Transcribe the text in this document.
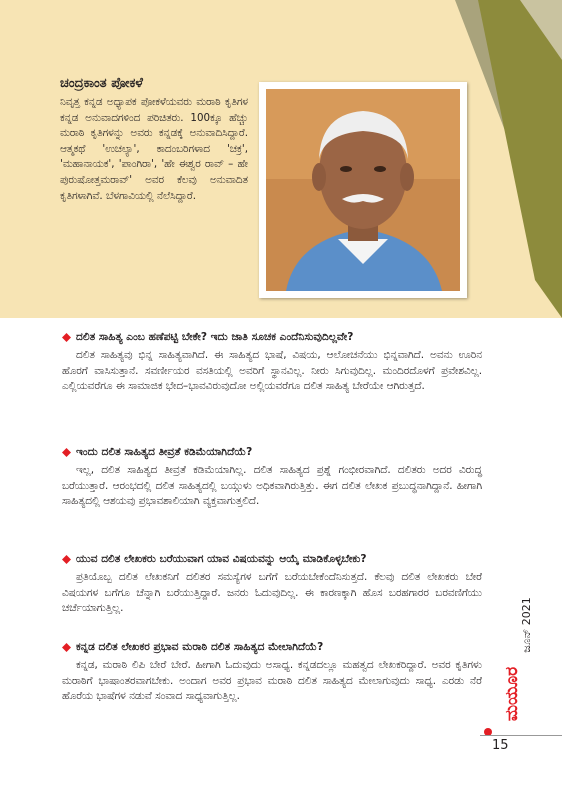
ಚಂದ್ರಕಾಂತ ಪೋಕಳೆ

ನಿವೃತ್ತ ಕನ್ನಡ ಅಧ್ಯಾಪಕ ಪೋಕಳೆಯವರು ಮರಾಠಿ ಕೃತಿಗಳ ಕನ್ನಡ ಅನುವಾದಗಳಿಂದ ಪರಿಚಿತರು. 100ಕ್ಕೂ ಹೆಚ್ಚು ಮರಾಠಿ ಕೃತಿಗಳನ್ನು ಅವರು ಕನ್ನಡಕ್ಕೆ ಅನುವಾದಿಸಿದ್ದಾರೆ. ಆತ್ಮಕಥೆ 'ಉಚಲ್ಯಾ', ಕಾದಂಬರಿಗಳಾದ 'ಚಕ್ರ', 'ಮಹಾನಾಯಕ', 'ಪಾಂಗಿರಾ', 'ಹೇ ಈಶ್ವರ ರಾವ್ – ಹೇ ಪುರುಷೋತ್ತಮರಾವ್' ಅವರ ಕೆಲವು ಅನುವಾದಿತ ಕೃತಿಗಳಾಗಿವೆ. ಬೆಳಗಾವಿಯಲ್ಲಿ ನೆಲೆಸಿದ್ದಾರೆ.

ದಲಿತ ಸಾಹಿತ್ಯ ಎಂಬ ಹಣೆಪಟ್ಟಿ ಬೇಕೇ? ಇದು ಜಾತಿ ಸೂಚಕ ಎಂದೆನಿಸುವುದಿಲ್ಲವೇ?

ದಲಿತ ಸಾಹಿತ್ಯವು ಭಿನ್ನ ಸಾಹಿತ್ಯವಾಗಿದೆ. ಈ ಸಾಹಿತ್ಯದ ಭಾಷೆ, ವಿಷಯ, ಆಲೋಚನೆಯು ಭಿನ್ನವಾಗಿದೆ. ಅವನು ಊರಿನ ಹೊರಗೆ ವಾಸಿಸುತ್ತಾನೆ. ಸವರ್ಣೀಯರ ವಸತಿಯಲ್ಲಿ ಅವರಿಗೆ ಸ್ಥಾನವಿಲ್ಲ. ನೀರು ಸಿಗುವುದಿಲ್ಲ. ಮಂದಿರದೊಳಗೆ ಪ್ರವೇಶವಿಲ್ಲ. ಎಲ್ಲಿಯವರೆಗೂ ಈ ಸಾಮಾಜಿಕ ಭೇದ–ಭಾವವಿರುವುದೋ ಅಲ್ಲಿಯವರೆಗೂ ದಲಿತ ಸಾಹಿತ್ಯ ಬೇರೆಯೇ ಆಗಿರುತ್ತದೆ.

ಇಂದು ದಲಿತ ಸಾಹಿತ್ಯದ ತೀವ್ರತೆ ಕಡಿಮೆಯಾಗಿದೆಯೆ?

ಇಲ್ಲ, ದಲಿತ ಸಾಹಿತ್ಯದ ತೀವ್ರತೆ ಕಡಿಮೆಯಾಗಿಲ್ಲ. ದಲಿತ ಸಾಹಿತ್ಯದ ಪ್ರಶ್ನೆ ಗಂಭೀರವಾಗಿದೆ. ದಲಿತರು ಅದರ ವಿರುದ್ಧ ಬರೆಯುತ್ತಾರೆ. ಆರಂಭದಲ್ಲಿ ದಲಿತ ಸಾಹಿತ್ಯದಲ್ಲಿ ಬಯ್ಗುಳು ಅಧಿಕವಾಗಿರುತ್ತಿತ್ತು. ಈಗ ದಲಿತ ಲೇಖಕ ಪ್ರಬುದ್ಧನಾಗಿದ್ದಾನೆ. ಹೀಗಾಗಿ ಸಾಹಿತ್ಯದಲ್ಲಿ ಆಶಯವು ಪ್ರಭಾವಶಾಲಿಯಾಗಿ ವ್ಯಕ್ತವಾಗುತ್ತಲಿದೆ.

ಯುವ ದಲಿತ ಲೇಖಕರು ಬರೆಯುವಾಗ ಯಾವ ವಿಷಯವನ್ನು ಆಯ್ಕೆ ಮಾಡಿಕೊಳ್ಳಬೇಕು?

ಪ್ರತಿಯೊಬ್ಬ ದಲಿತ ಲೇಖಕನಿಗೆ ದಲಿತರ ಸಮಸ್ಯೆಗಳ ಬಗೆಗೆ ಬರೆಯಬೇಕೆಂದೆನಿಸುತ್ತದೆ. ಕೆಲವು ದಲಿತ ಲೇಖಕರು ಬೇರೆ ವಿಷಯಗಳ ಬಗೆಗೂ ಚೆನ್ನಾಗಿ ಬರೆಯುತ್ತಿದ್ದಾರೆ. ಜನರು ಓದುವುದಿಲ್ಲ. ಈ ಕಾರಣಕ್ಕಾಗಿ ಹೊಸ ಬರಹಗಾರರ ಬರವಣಿಗೆಯು ಚರ್ಚೆಯಾಗುತ್ತಿಲ್ಲ.

ಕನ್ನಡ ದಲಿತ ಲೇಖಕರ ಪ್ರಭಾವ ಮರಾಠಿ ದಲಿತ ಸಾಹಿತ್ಯದ ಮೇಲಾಗಿದೆಯೆ?

ಕನ್ನಡ, ಮರಾಠಿ ಲಿಪಿ ಬೇರೆ ಬೇರೆ. ಹೀಗಾಗಿ ಓದುವುದು ಅಸಾಧ್ಯ. ಕನ್ನಡದಲ್ಲೂ ಮಹತ್ವದ ಲೇಖಕರಿದ್ದಾರೆ. ಅವರ ಕೃತಿಗಳು ಮರಾಠಿಗೆ ಭಾಷಾಂತರವಾಗಬೇಕು. ಅಂದಾಗ ಅವರ ಪ್ರಭಾವ ಮರಾಠಿ ದಲಿತ ಸಾಹಿತ್ಯದ ಮೇಲಾಗುವುದು ಸಾಧ್ಯ. ಎರಡು ನೆರೆ ಹೊರೆಯ ಭಾಷೆಗಳ ನಡುವೆ ಸಂವಾದ ಸಾಧ್ಯವಾಗುತ್ತಿಲ್ಲ.

ಜೂನ್ 2021
ಮಯೂರ
15
